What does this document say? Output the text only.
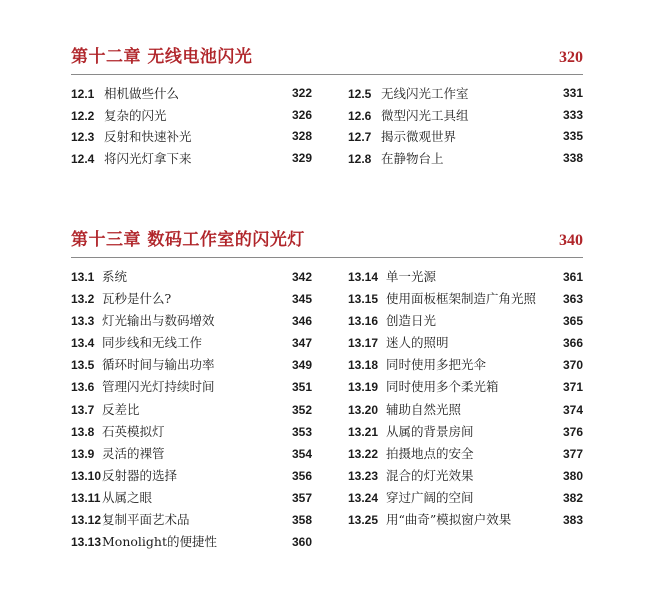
第十二章 无线电池闪光	320
12.1 相机做些什么	322
12.2 复杂的闪光	326
12.3 反射和快速补光	328
12.4 将闪光灯拿下来	329
12.5 无线闪光工作室	331
12.6 微型闪光工具组	333
12.7 揭示微观世界	335
12.8 在静物台上	338
第十三章 数码工作室的闪光灯	340
13.1 系统	342
13.2 瓦秒是什么?	345
13.3 灯光输出与数码增效	346
13.4 同步线和无线工作	347
13.5 循环时间与输出功率	349
13.6 管理闪光灯持续时间	351
13.7 反差比	352
13.8 石英模拟灯	353
13.9 灵活的裸管	354
13.10反射器的选择	356
13.11 从属之眼	357
13.12复制平面艺术品	358
13.13Monolight的便捷性	360
13.14 单一光源	361
13.15 使用面板框架制造广角光照 363
13.16 创造日光	365
13.17 迷人的照明	366
13.18 同时使用多把光伞	370
13.19 同时使用多个柔光箱	371
13.20 辅助自然光照	374
13.21 从属的背景房间	376
13.22 拍摄地点的安全	377
13.23 混合的灯光效果	380
13.24 穿过广阔的空间	382
13.25 用“曲奇”模拟窗户效果	383
